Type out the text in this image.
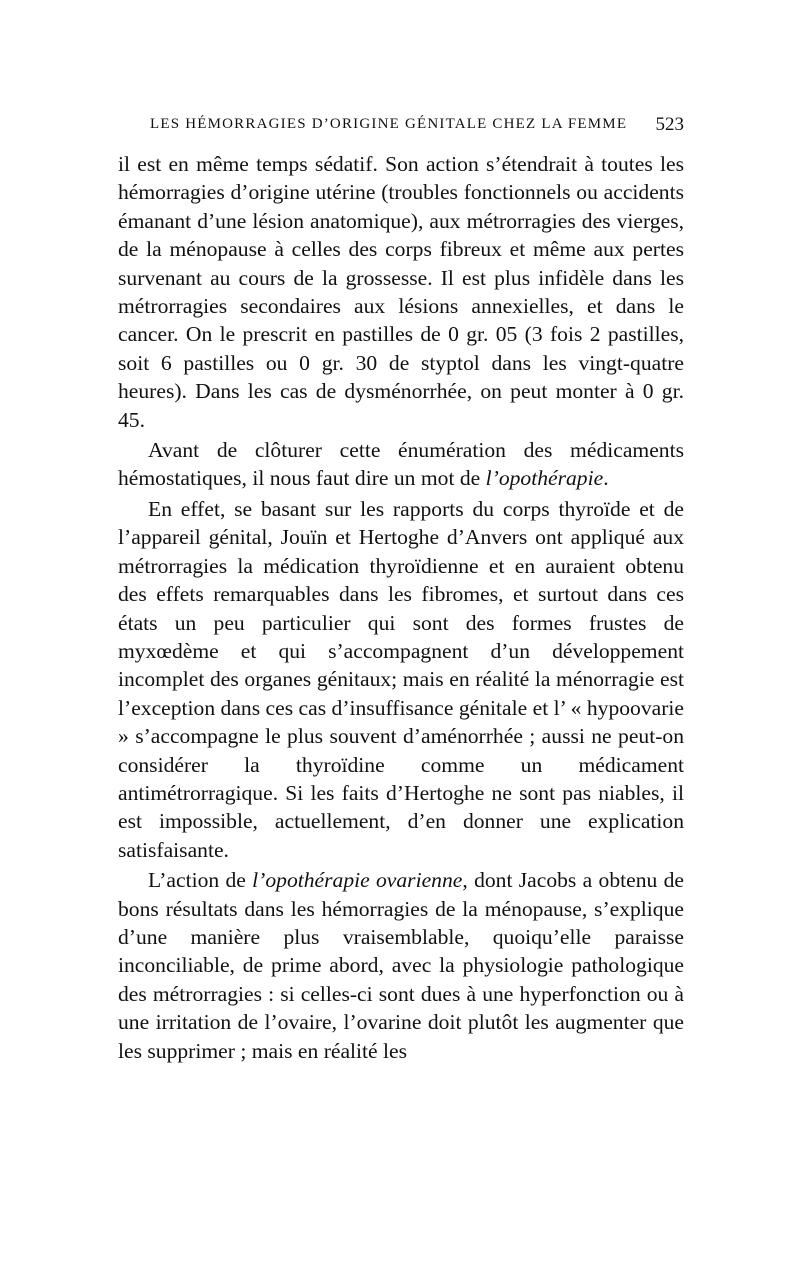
LES HÉMORRAGIES D’ORIGINE GÉNITALE CHEZ LA FEMME 523

il est en même temps sédatif. Son action s’étendrait à toutes les hémorragies d’origine utérine (troubles fonctionnels ou accidents émanant d’une lésion anatomique), aux métrorragies des vierges, de la ménopause à celles des corps fibreux et même aux pertes survenant au cours de la grossesse. Il est plus infidèle dans les métrorragies secondaires aux lésions annexielles, et dans le cancer. On le prescrit en pastilles de 0 gr. 05 (3 fois 2 pastilles, soit 6 pastilles ou 0 gr. 30 de styptol dans les vingt-quatre heures). Dans les cas de dysménorrhée, on peut monter à 0 gr. 45.

Avant de clôturer cette énumération des médicaments hémostatiques, il nous faut dire un mot de l’opothérapie.

En effet, se basant sur les rapports du corps thyroïde et de l’appareil génital, Jouïn et Hertoghe d’Anvers ont appliqué aux métrorragies la médication thyroïdienne et en auraient obtenu des effets remarquables dans les fibromes, et surtout dans ces états un peu particulier qui sont des formes frustes de myxœdème et qui s’accompagnent d’un développement incomplet des organes génitaux; mais en réalité la ménorragie est l’exception dans ces cas d’insuffisance génitale et l’ « hypoovarie » s’accompagne le plus souvent d’aménorrhée ; aussi ne peut-on considérer la thyroïdine comme un médicament antimétrorragique. Si les faits d’Hertoghe ne sont pas niables, il est impossible, actuellement, d’en donner une explication satisfaisante.

L’action de l’opothérapie ovarienne, dont Jacobs a obtenu de bons résultats dans les hémorragies de la ménopause, s’explique d’une manière plus vraisemblable, quoiqu’elle paraisse inconciliable, de prime abord, avec la physiologie pathologique des métrorragies : si celles-ci sont dues à une hyperfonction ou à une irritation de l’ovaire, l’ovarine doit plutôt les augmenter que les supprimer ; mais en réalité les
